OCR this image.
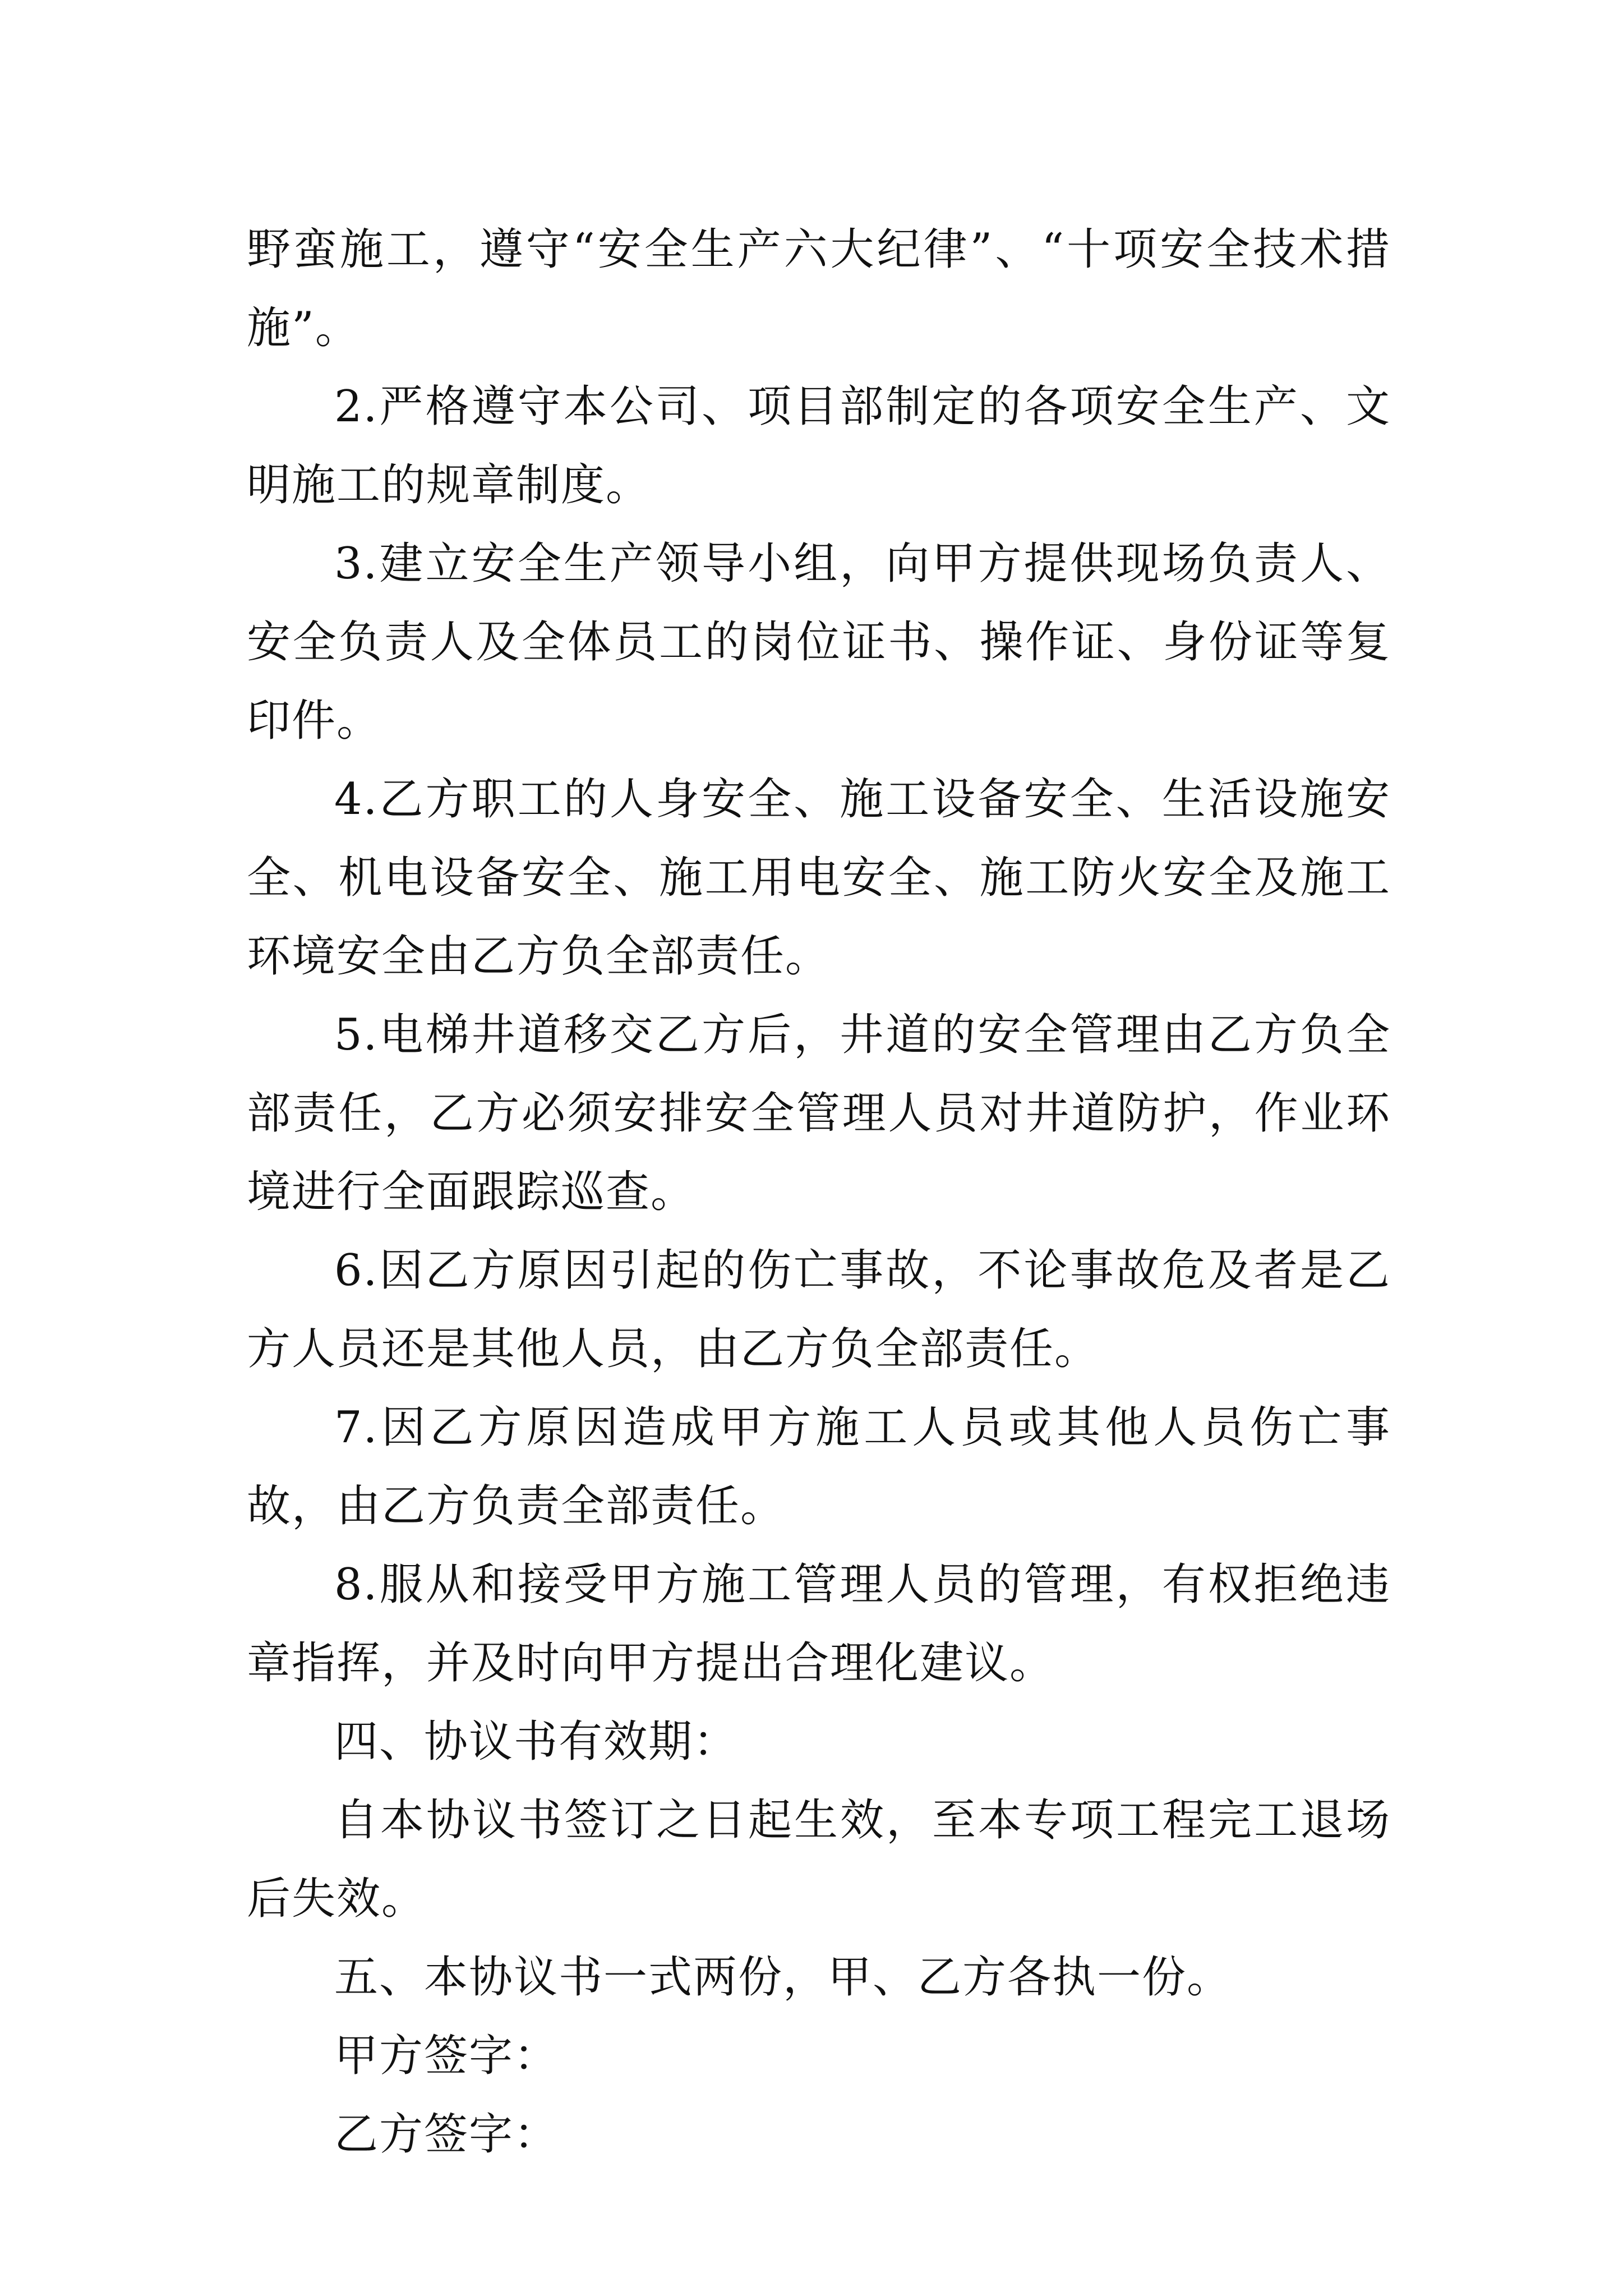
野蛮施工，遵守“安全生产六大纪律”、“十项安全技术措施”。

2.严格遵守本公司、项目部制定的各项安全生产、文明施工的规章制度。

3.建立安全生产领导小组，向甲方提供现场负责人、安全负责人及全体员工的岗位证书、操作证、身份证等复印件。

4.乙方职工的人身安全、施工设备安全、生活设施安全、机电设备安全、施工用电安全、施工防火安全及施工环境安全由乙方负全部责任。

5.电梯井道移交乙方后，井道的安全管理由乙方负全部责任，乙方必须安排安全管理人员对井道防护，作业环境进行全面跟踪巡查。

6.因乙方原因引起的伤亡事故，不论事故危及者是乙方人员还是其他人员，由乙方负全部责任。

7.因乙方原因造成甲方施工人员或其他人员伤亡事故，由乙方负责全部责任。

8.服从和接受甲方施工管理人员的管理，有权拒绝违章指挥，并及时向甲方提出合理化建议。

四、协议书有效期：

自本协议书签订之日起生效，至本专项工程完工退场后失效。

五、本协议书一式两份，甲、乙方各执一份。

甲方签字：

乙方签字：
